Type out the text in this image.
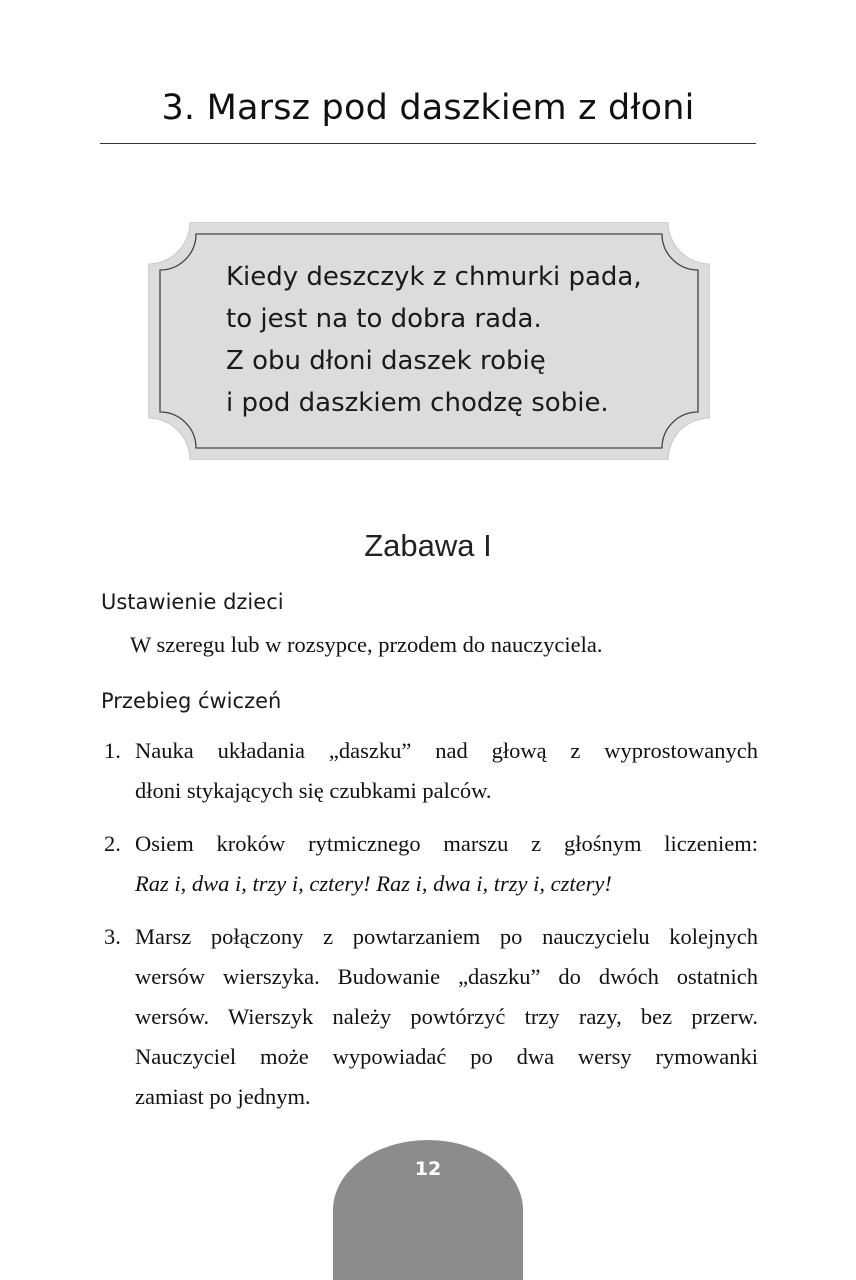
3. Marsz pod daszkiem z dłoni
Kiedy deszczyk z chmurki pada,
to jest na to dobra rada.
Z obu dłoni daszek robię
i pod daszkiem chodzę sobie.
Zabawa I
Ustawienie dzieci
W szeregu lub w rozsypce, przodem do nauczyciela.
Przebieg ćwiczeń
1. Nauka układania „daszku” nad głową z wyprostowanych
dłoni stykających się czubkami palców.
2. Osiem kroków rytmicznego marszu z głośnym liczeniem:
Raz i, dwa i, trzy i, cztery! Raz i, dwa i, trzy i, cztery!
3. Marsz połączony z powtarzaniem po nauczycielu kolejnych
wersów wierszyka. Budowanie „daszku” do dwóch ostatnich
wersów. Wierszyk należy powtórzyć trzy razy, bez przerw.
Nauczyciel może wypowiadać po dwa wersy rymowanki
zamiast po jednym.
12
